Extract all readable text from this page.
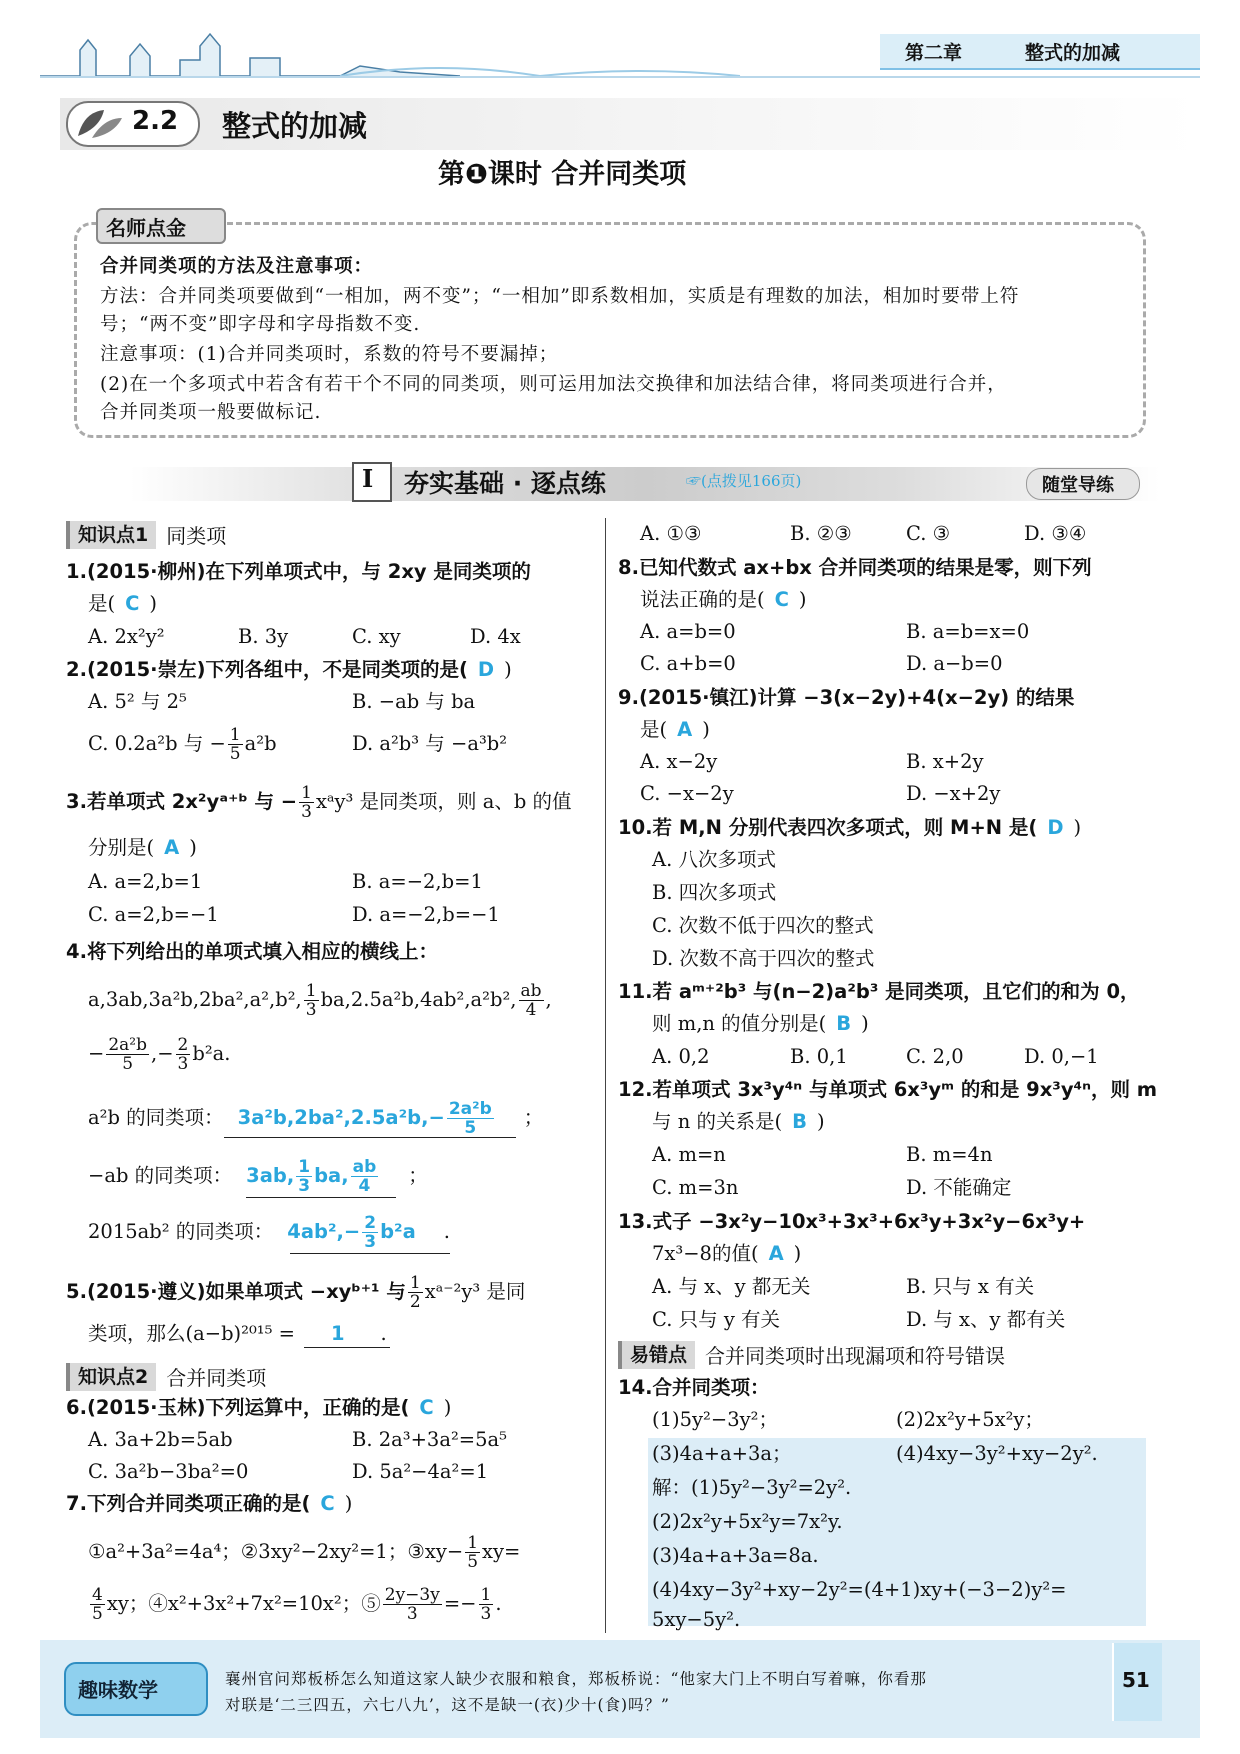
第二章	整式的加减
2.2 整式的加减
第❶课时 合并同类项
名师点金
合并同类项的方法及注意事项：
方法：合并同类项要做到“一相加，两不变”；“一相加”即系数相加，实质是有理数的加法，相加时要带上符
号；“两不变”即字母和字母指数不变.
注意事项：(1)合并同类项时，系数的符号不要漏掉；
(2)在一个多项式中若含有若干个不同的同类项，则可运用加法交换律和加法结合律，将同类项进行合并，
合并同类项一般要做标记.
I 夯实基础 · 逐点练	☞(点拨见166页)	随堂导练
知识点1 同类项
1.(2015·柳州)在下列单项式中，与 2xy 是同类项的
是( C )
A. 2x²y²	B. 3y	C. xy	D. 4x
2.(2015·崇左)下列各组中，不是同类项的是( D )
A. 5² 与 2⁵	B. −ab 与 ba
C. 0.2a²b 与 − $\frac{1}{5} a^2b$	D. a²b³ 与 −a³b²
3.若单项式 2x²yᵃ⁺ᵇ 与 − $\frac{1}{3}$ xᵃy³ 是同类项，则 a、b 的值
分别是( A )
A. a=2,b=1	B. a=−2,b=1
C. a=2,b=−1	D. a=−2,b=−1
4.将下列给出的单项式填入相应的横线上：
a,3ab,3a²b,2ba²,a²,b², $\frac{1}{3} ba,2.5a^2b,4ab^2,a^2b^2$, $\frac{ab}{4}$ ,
− $\frac{\text{2a²b}}{5}$ ,− $\frac{2}{3} b^2a$.
a²b 的同类项： $3a^2b,2ba^2,2.5a^2b,- \frac{\text{2a²b}}{5}$ ；
−ab 的同类项： 3ab, $\frac{1}{3}$ ba, $\frac{ab}{4}$ ；
2015ab² 的同类项： $4ab^2,- \frac{2}{3} b^2a$ .
5.(2015·遵义)如果单项式 −xyᵇ⁺¹ 与 $\frac{1}{2}$ xᵃ⁻²y³ 是同
类项，那么(a−b)²⁰¹⁵ = 1 .
知识点2 合并同类项
6.(2015·玉林)下列运算中，正确的是( C )
A. 3a+2b=5ab	B. 2a³+3a²=5a⁵
C. 3a²b−3ba²=0	D. 5a²−4a²=1
7.下列合并同类项正确的是( C )
①a²+3a²=4a⁴；②3xy²−2xy²=1；③xy− $\frac{1}{5} xy=$
$\frac{4}{5}$ xy；④x²+3x²+7x²=10x²；⑤ $\frac{2y-3y}{3} =- \frac{1}{3}$ .
A. ①③	B. ②③	C. ③	D. ③④
8.已知代数式 ax+bx 合并同类项的结果是零，则下列
说法正确的是( C )
A. a=b=0	B. a=b=x=0
C. a+b=0	D. a−b=0
9.(2015·镇江)计算 −3(x−2y)+4(x−2y) 的结果
是( A )
A. x−2y	B. x+2y
C. −x−2y	D. −x+2y
10.若 M,N 分别代表四次多项式，则 M+N 是( D )
A. 八次多项式
B. 四次多项式
C. 次数不低于四次的整式
D. 次数不高于四次的整式
11.若 aᵐ⁺²b³ 与(n−2)a²b³ 是同类项，且它们的和为 0，
则 m,n 的值分别是( B )
A. 0,2	B. 0,1	C. 2,0	D. 0,−1
12.若单项式 3x³y⁴ⁿ 与单项式 6x³yᵐ 的和是 9x³y⁴ⁿ，则 m
与 n 的关系是( B )
A. m=n	B. m=4n
C. m=3n	D. 不能确定
13.式子 −3x²y−10x³+3x³+6x³y+3x²y−6x³y+
7x³−8的值( A )
A. 与 x、y 都无关	B. 只与 x 有关
C. 只与 y 有关	D. 与 x、y 都有关
易错点 合并同类项时出现漏项和符号错误
14.合并同类项：
(1)5y²−3y²；	(2)2x²y+5x²y；
(3)4a+a+3a；	(4)4xy−3y²+xy−2y².
解：(1)5y²−3y²=2y².
(2)2x²y+5x²y=7x²y.
(3)4a+a+3a=8a.
(4)4xy−3y²+xy−2y²=(4+1)xy+(−3−2)y²=
5xy−5y².
趣味数学	襄州官问郑板桥怎么知道这家人缺少衣服和粮食，郑板桥说：“他家大门上不明白写着嘛，你看那
对联是‘二三四五，六七八九’，这不是缺一(衣)少十(食)吗？”
51
